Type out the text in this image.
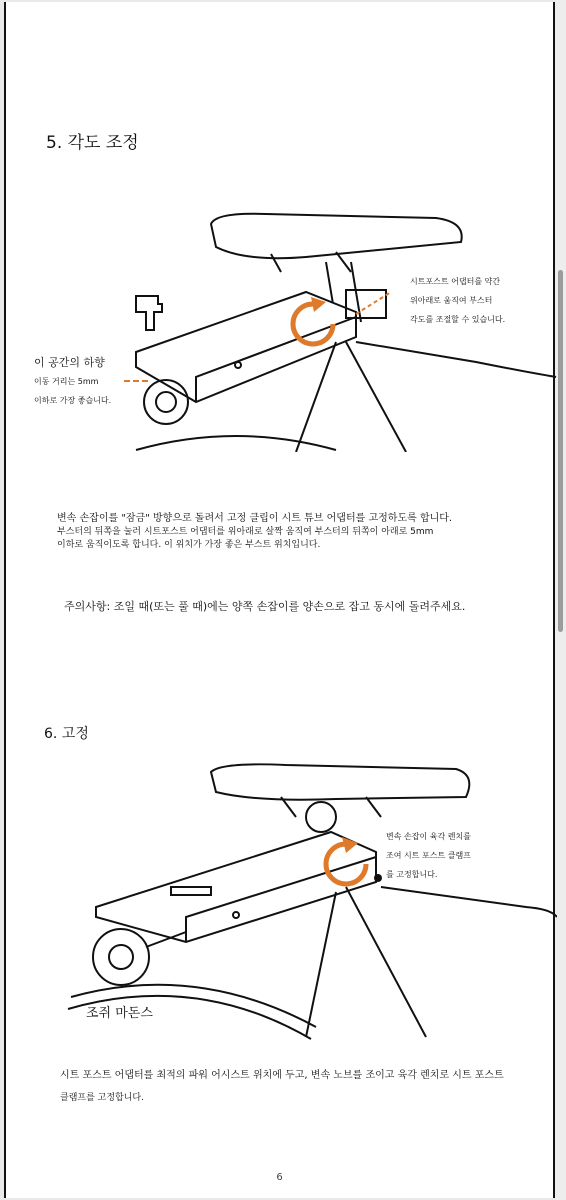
5. 각도 조정
시트포스트 어댑터를 약간
위아래로 움직여 부스터
각도를 조절할 수 있습니다.
이 공간의 하향
이동 거리는 5mm
이하로 가장 좋습니다.
변속 손잡이를 "잠금" 방향으로 돌려서 고정 클립이 시트 튜브 어댑터를 고정하도록 합니다.
부스터의 뒤쪽을 눌러 시트포스트 어댑터를 위아래로 살짝 움직여 부스터의 뒤쪽이 아래로 5mm
이하로 움직이도록 합니다. 이 위치가 가장 좋은 부스트 위치입니다.
주의사항: 조일 때(또는 풀 때)에는 양쪽 손잡이를 양손으로 잡고 동시에 돌려주세요.
6. 고정
변속 손잡이 육각 렌치를
조여 시트 포스트 클램프
를 고정합니다.
조쥐 마돈스
시트 포스트 어댑터를 최적의 파워 어시스트 위치에 두고, 변속 노브를 조이고 육각 렌치로 시트 포스트
클램프를 고정합니다.
6
